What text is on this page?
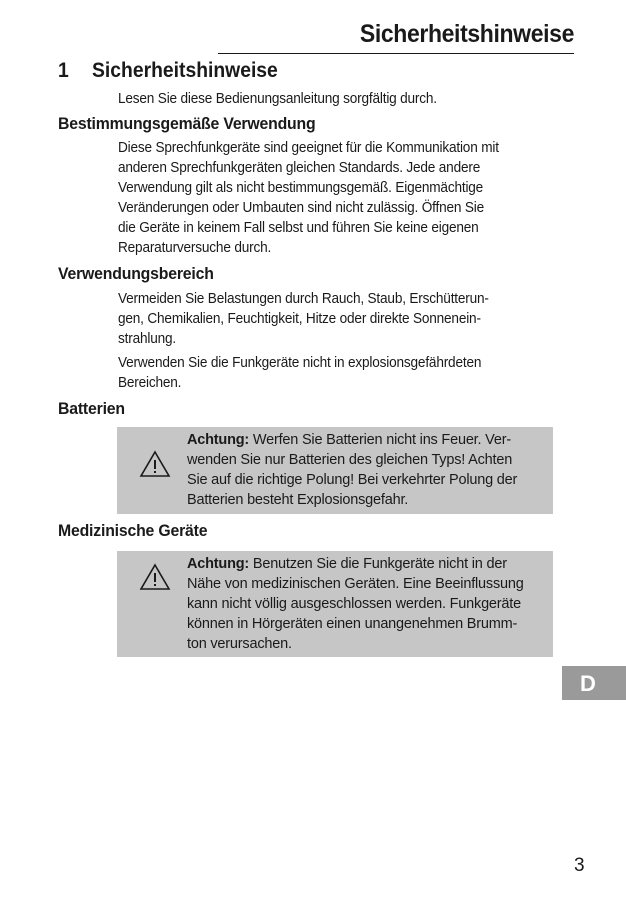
Sicherheitshinweise
1 Sicherheitshinweise
Lesen Sie diese Bedienungsanleitung sorgfältig durch.
Bestimmungsgemäße Verwendung
Diese Sprechfunkgeräte sind geeignet für die Kommunikation mit
anderen Sprechfunkgeräten gleichen Standards. Jede andere
Verwendung gilt als nicht bestimmungsgemäß. Eigenmächtige
Veränderungen oder Umbauten sind nicht zulässig. Öffnen Sie
die Geräte in keinem Fall selbst und führen Sie keine eigenen
Reparaturversuche durch.
Verwendungsbereich
Vermeiden Sie Belastungen durch Rauch, Staub, Erschütterun-
gen, Chemikalien, Feuchtigkeit, Hitze oder direkte Sonnenein-
strahlung.
Verwenden Sie die Funkgeräte nicht in explosionsgefährdeten
Bereichen.
Batterien
Achtung: Werfen Sie Batterien nicht ins Feuer. Ver-
wenden Sie nur Batterien des gleichen Typs! Achten
Sie auf die richtige Polung! Bei verkehrter Polung der
Batterien besteht Explosionsgefahr.
Medizinische Geräte
Achtung: Benutzen Sie die Funkgeräte nicht in der
Nähe von medizinischen Geräten. Eine Beeinflussung
kann nicht völlig ausgeschlossen werden. Funkgeräte
können in Hörgeräten einen unangenehmen Brumm-
ton verursachen.
D
3
